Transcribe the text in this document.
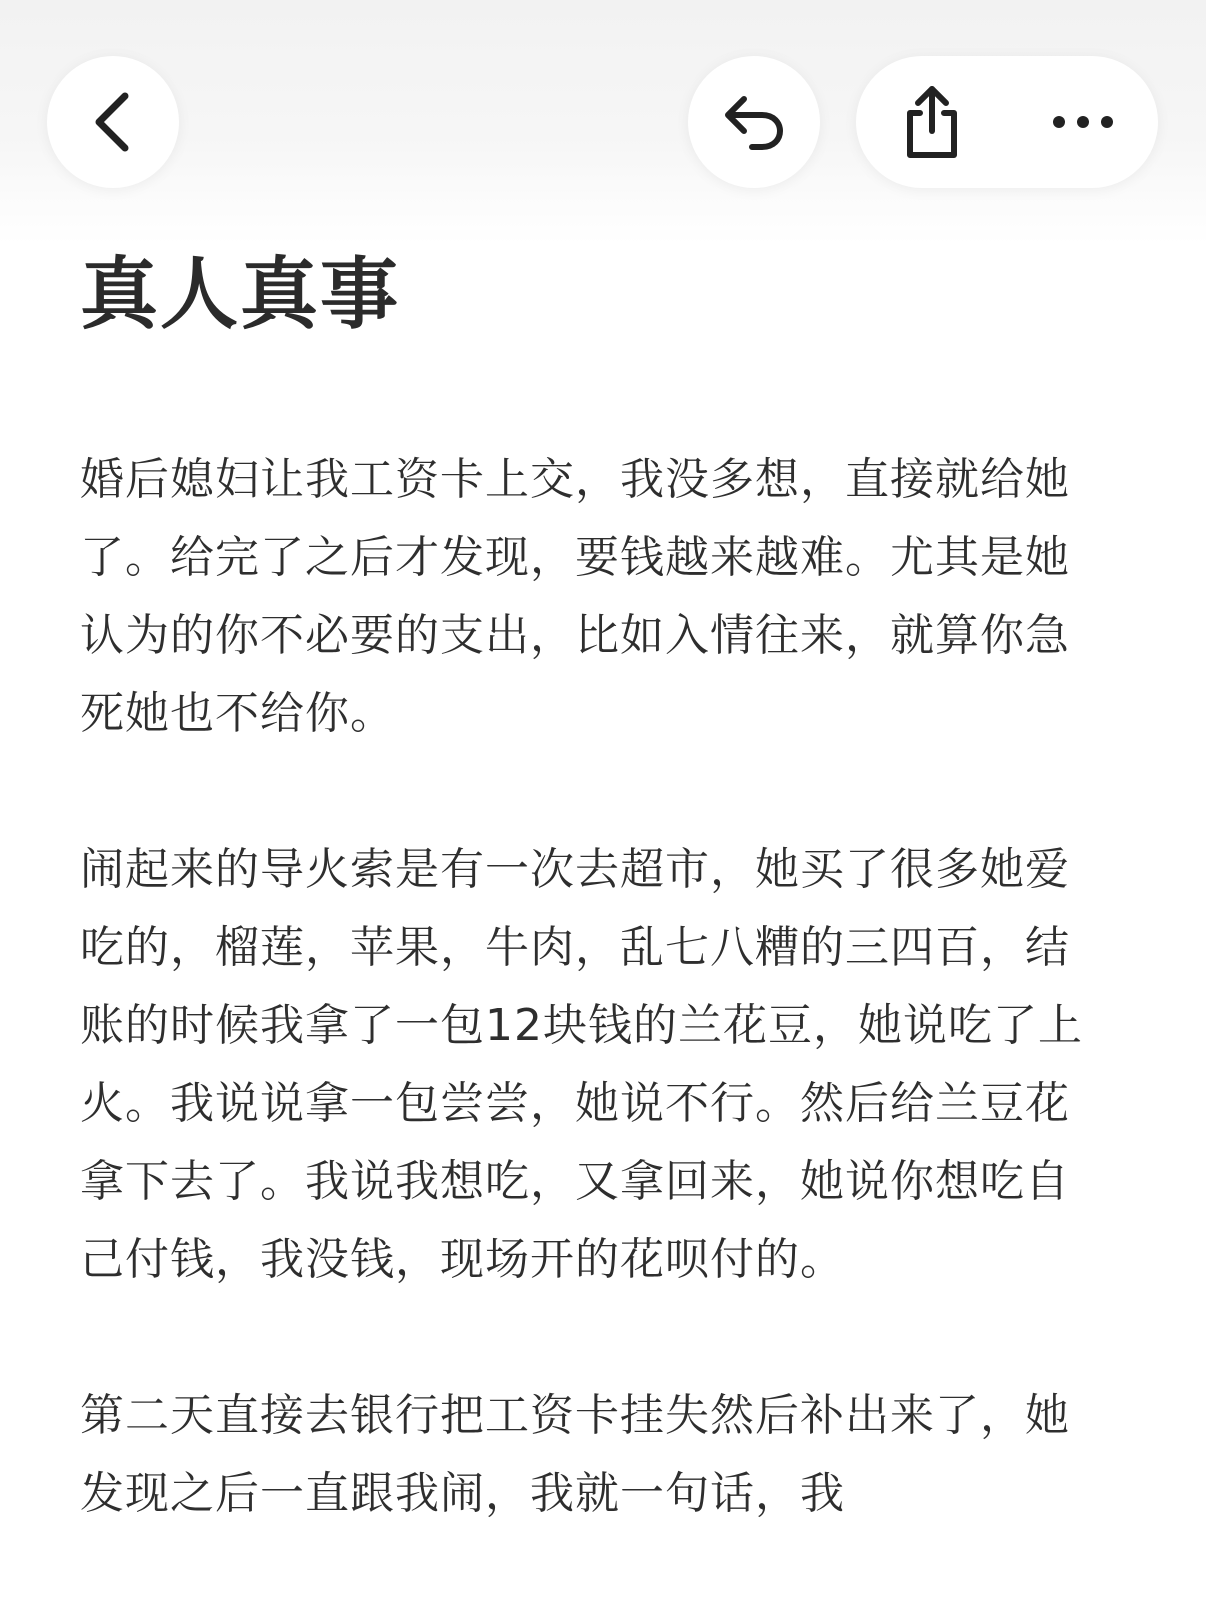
真人真事

婚后媳妇让我工资卡上交，我没多想，直接就给她了。给完了之后才发现，要钱越来越难。尤其是她认为的你不必要的支出，比如入情往来，就算你急死她也不给你。

闹起来的导火索是有一次去超市，她买了很多她爱吃的，榴莲，苹果，牛肉，乱七八糟的三四百，结账的时候我拿了一包12块钱的兰花豆，她说吃了上火。我说说拿一包尝尝，她说不行。然后给兰豆花拿下去了。我说我想吃，又拿回来，她说你想吃自己付钱，我没钱，现场开的花呗付的。

第二天直接去银行把工资卡挂失然后补出来了，她发现之后一直跟我闹，我就一句话，我
